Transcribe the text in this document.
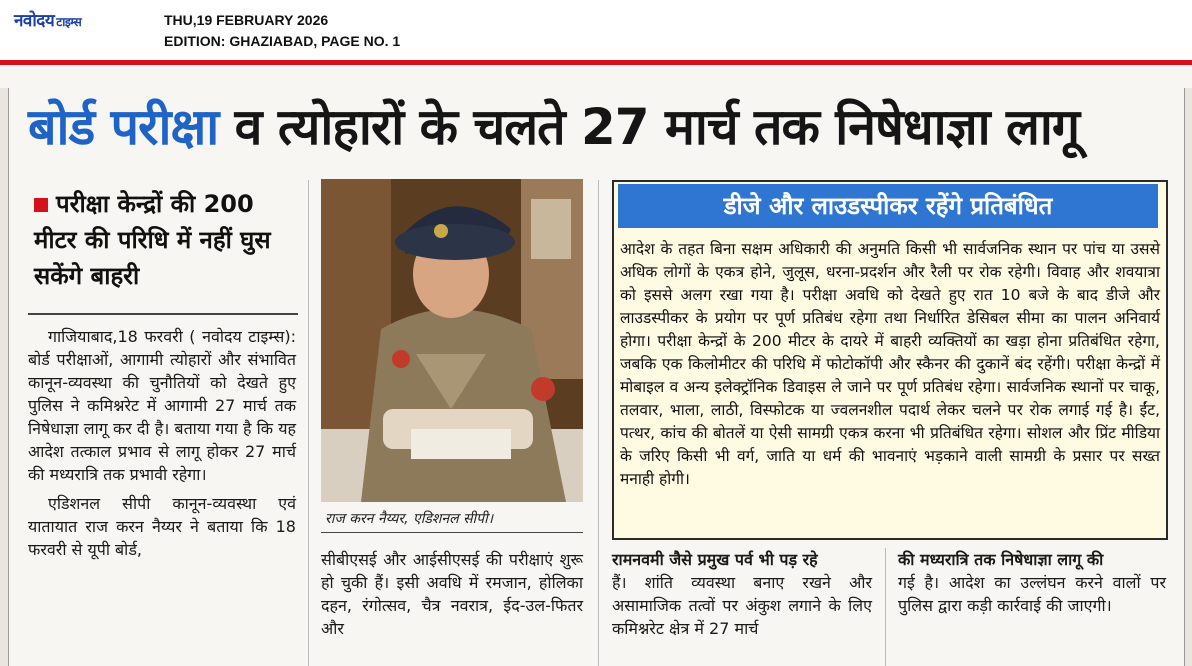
नवोदय टाइम्स	THU,19 FEBRUARY 2026
EDITION: GHAZIABAD, PAGE NO. 1
बोर्ड परीक्षा व त्योहारों के चलते 27 मार्च तक निषेधाज्ञा लागू
परीक्षा केन्द्रों की 200 मीटर की परिधि में नहीं घुस सकेंगे बाहरी

गाजियाबाद,18 फरवरी ( नवोदय टाइम्स): बोर्ड परीक्षाओं, आगामी त्योहारों और संभावित कानून-व्यवस्था की चुनौतियों को देखते हुए पुलिस ने कमिश्नरेट में आगामी 27 मार्च तक निषेधाज्ञा लागू कर दी है। बताया गया है कि यह आदेश तत्काल प्रभाव से लागू होकर 27 मार्च की मध्यरात्रि तक प्रभावी रहेगा।

एडिशनल सीपी कानून-व्यवस्था एवं यातायात राज करन नैय्यर ने बताया कि 18 फरवरी से यूपी बोर्ड,

राज करन नैय्यर, एडिशनल सीपी।

सीबीएसई और आईसीएसई की परीक्षाएं शुरू हो चुकी हैं। इसी अवधि में रमजान, होलिका दहन, रंगोत्सव, चैत्र नवरात्र, ईद-उल-फितर और

डीजे और लाउडस्पीकर रहेंगे प्रतिबंधित
आदेश के तहत बिना सक्षम अधिकारी की अनुमति किसी भी सार्वजनिक स्थान पर पांच या उससे अधिक लोगों के एकत्र होने, जुलूस, धरना-प्रदर्शन और रैली पर रोक रहेगी। विवाह और शवयात्रा को इससे अलग रखा गया है। परीक्षा अवधि को देखते हुए रात 10 बजे के बाद डीजे और लाउडस्पीकर के प्रयोग पर पूर्ण प्रतिबंध रहेगा तथा निर्धारित डेसिबल सीमा का पालन अनिवार्य होगा। परीक्षा केन्द्रों के 200 मीटर के दायरे में बाहरी व्यक्तियों का खड़ा होना प्रतिबंधित रहेगा, जबकि एक किलोमीटर की परिधि में फोटोकॉपी और स्कैनर की दुकानें बंद रहेंगी। परीक्षा केन्द्रों में मोबाइल व अन्य इलेक्ट्रॉनिक डिवाइस ले जाने पर पूर्ण प्रतिबंध रहेगा। सार्वजनिक स्थानों पर चाकू, तलवार, भाला, लाठी, विस्फोटक या ज्वलनशील पदार्थ लेकर चलने पर रोक लगाई गई है। ईंट, पत्थर, कांच की बोतलें या ऐसी सामग्री एकत्र करना भी प्रतिबंधित रहेगा। सोशल और प्रिंट मीडिया के जरिए किसी भी वर्ग, जाति या धर्म की भावनाएं भड़काने वाली सामग्री के प्रसार पर सख्त मनाही होगी।

रामनवमी जैसे प्रमुख पर्व भी पड़ रहे
हैं। शांति व्यवस्था बनाए रखने और असामाजिक तत्वों पर अंकुश लगाने के लिए कमिश्नरेट क्षेत्र में 27 मार्च

की मध्यरात्रि तक निषेधाज्ञा लागू की
गई है। आदेश का उल्लंघन करने वालों पर पुलिस द्वारा कड़ी कार्रवाई की जाएगी।
